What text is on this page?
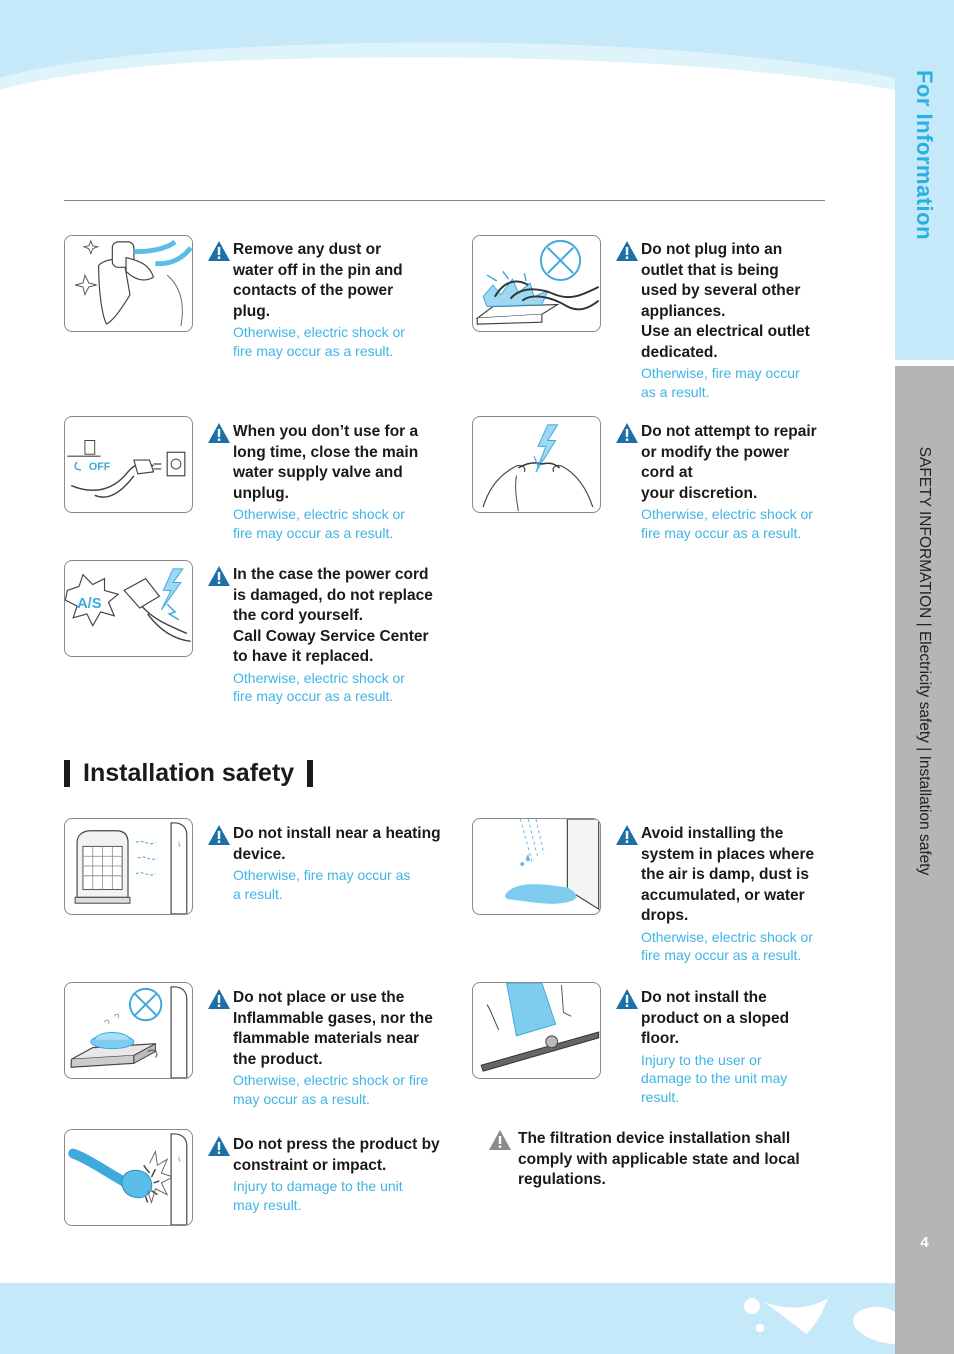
For Information
SAFETY INFORMATION | Electricity safety | Installation safety
4
Remove any dust or
water off in the pin and
contacts of the power
plug.
Otherwise, electric shock or
fire may occur as a result.
Do not plug into an
outlet that is being
used by several other
appliances.
Use an electrical outlet
dedicated.
Otherwise, fire may occur
as a result.
OFF
When you don’t use for a
long time, close the main
water supply valve and
unplug.
Otherwise, electric shock or
fire may occur as a result.
Do not attempt to repair
or modify the power
cord at
your discretion.
Otherwise, electric shock or
fire may occur as a result.
A/S
In the case the power cord
is damaged, do not replace
the cord yourself.
Call Coway Service Center
to have it replaced.
Otherwise, electric shock or
fire may occur as a result.
Installation safety
Do not install near a heating
device.
Otherwise, fire may occur as
a result.
Avoid installing the
system in places where
the air is damp, dust is
accumulated, or water
drops.
Otherwise, electric shock or
fire may occur as a result.
Do not place or use the
Inflammable gases, nor the
flammable materials near
the product.
Otherwise, electric shock or fire
may occur as a result.
Do not install the
product on a sloped
floor.
Injury to the user or
damage to the unit may
result.
Do not press the product by
constraint or impact.
Injury to damage to the unit
may result.
The filtration device installation shall
comply with applicable state and local
regulations.
